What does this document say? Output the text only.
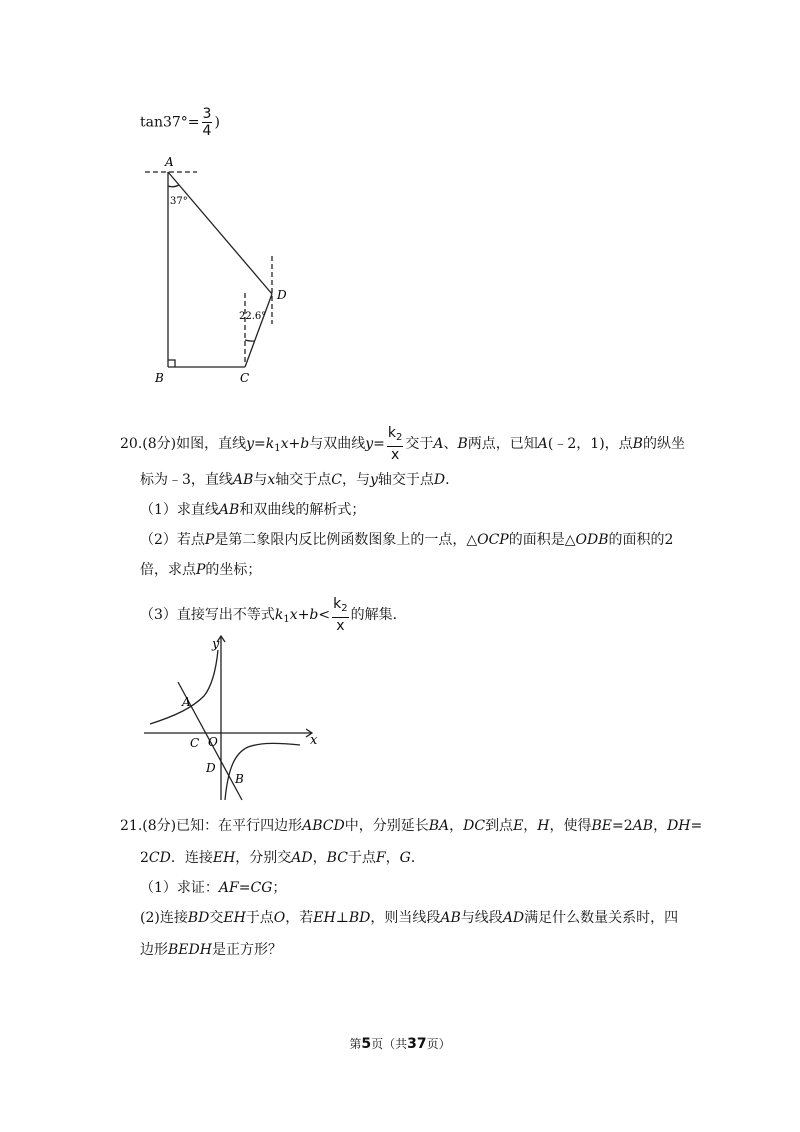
$\tan 37^\circ= \frac{3}{4}$ )
A
37°
B	C
D
22.6°
20.(8分)如图，直线$y=k_1x+b$与双曲线$y= \frac{k_2}{x}$ 交于A、B两点，已知A(﹣2，1)，点B的纵坐
标为﹣3，直线AB与x轴交于点C，与y轴交于点D.
（1）求直线AB和双曲线的解析式；
（2）若点P是第二象限内反比例函数图象上的一点，△OCP的面积是△ODB的面积的2
倍，求点P的坐标；
（3）直接写出不等式$k_1x+b< \frac{k_2}{x}$ 的解集.
y
x
A
C O
D
B
21.(8分)已知：在平行四边形ABCD中，分别延长BA，DC到点E，H，使得BE=2AB，DH=
2CD．连接EH，分别交AD，BC于点F，G．
（1）求证：AF=CG；
(2)连接BD交EH于点O，若EH⊥BD，则当线段AB与线段AD满足什么数量关系时，四
边形BEDH是正方形？
第5页（共37页）
